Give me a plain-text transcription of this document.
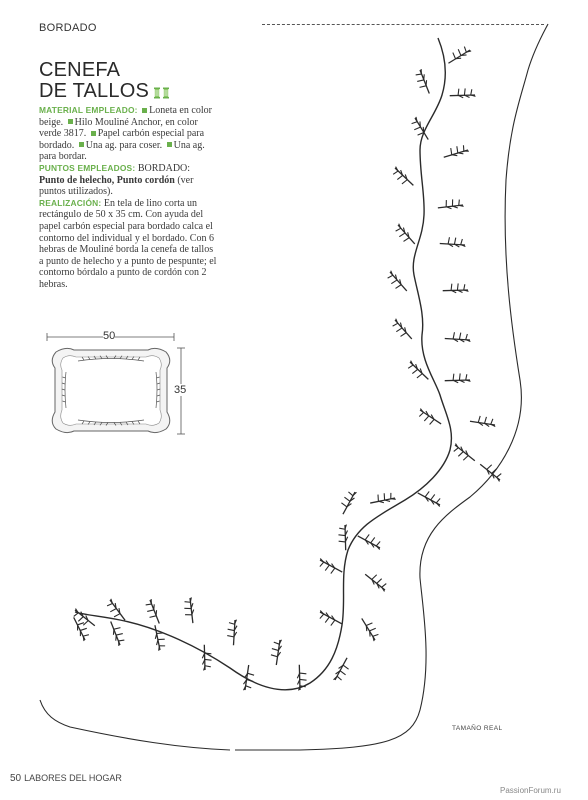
BORDADO
CENEFA
DE TALLOS

MATERIAL EMPLEADO: Loneta en color beige. Hilo Mouliné Anchor, en color verde 3817. Papel carbón especial para bordado. Una ag. para coser. Una ag. para bordar.

PUNTOS EMPLEADOS: BORDADO: Punto de helecho, Punto cordón (ver puntos utilizados).

REALIZACIÓN: En tela de lino corta un rectángulo de 50 x 35 cm. Con ayuda del papel carbón especial para bordado calca el contorno del individual y el bordado. Con 6 hebras de Mouliné borda la cenefa de tallos a punto de helecho y a punto de pespunte; el contorno bórdalo a punto de cordón con 2 hebras.

50
35
TAMAÑO REAL
50 LABORES DEL HOGAR
PassionForum.ru
